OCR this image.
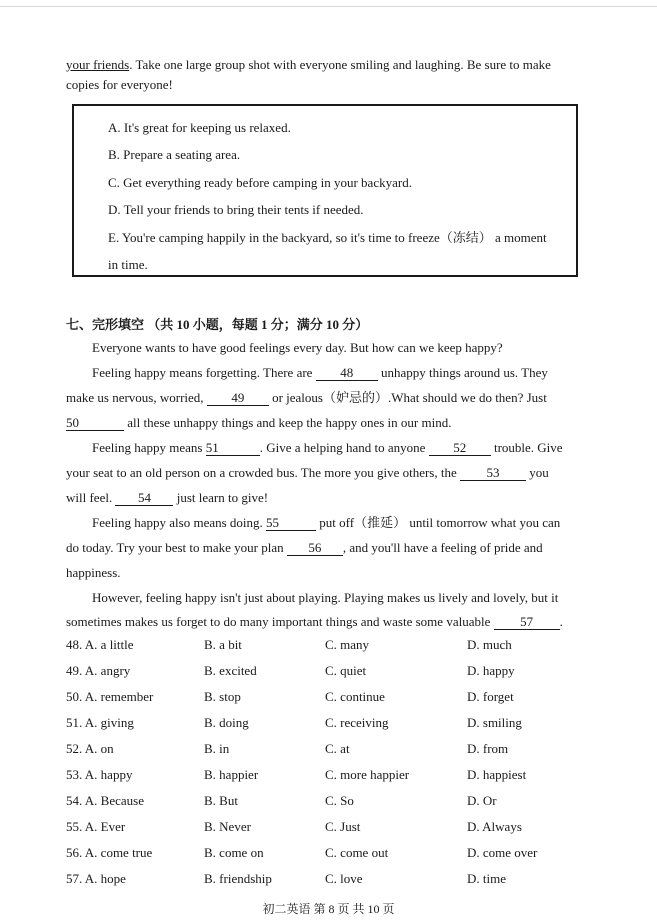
your friends. Take one large group shot with everyone smiling and laughing. Be sure to make
copies for everyone!
A. It's great for keeping us relaxed.
B. Prepare a seating area.
C. Get everything ready before camping in your backyard.
D. Tell your friends to bring their tents if needed.
E. You're camping happily in the backyard, so it's time to freeze（冻结） a moment
in time.
七、完形填空 （共 10 小题，每题 1 分；满分 10 分）
Everyone wants to have good feelings every day. But how can we keep happy?
Feeling happy means forgetting. There are 48 unhappy things around us. They
make us nervous, worried, 49 or jealous（妒忌的）.What should we do then? Just
50	all these unhappy things and keep the happy ones in our mind.
Feeling happy means 51	. Give a helping hand to anyone 52 trouble. Give
your seat to an old person on a crowded bus. The more you give others, the 53 you
will feel. 54 just learn to give!
Feeling happy also means doing. 55	put off（推延） until tomorrow what you can
do today. Try your best to make your plan 56 , and you'll have a feeling of pride and
happiness.
However, feeling happy isn't just about playing. Playing makes us lively and lovely, but it
sometimes makes us forget to do many important things and waste some valuable 57 .
48. A. a little	B. a bit	C. many	D. much
49. A. angry	B. excited	C. quiet	D. happy
50. A. remember	B. stop	C. continue	D. forget
51. A. giving	B. doing	C. receiving	D. smiling
52. A. on	B. in	C. at	D. from
53. A. happy	B. happier	C. more happier	D. happiest
54. A. Because	B. But	C. So	D. Or
55. A. Ever	B. Never	C. Just	D. Always
56. A. come true	B. come on	C. come out	D. come over
57. A. hope	B. friendship	C. love	D. time
初二英语 第 8 页 共 10 页
